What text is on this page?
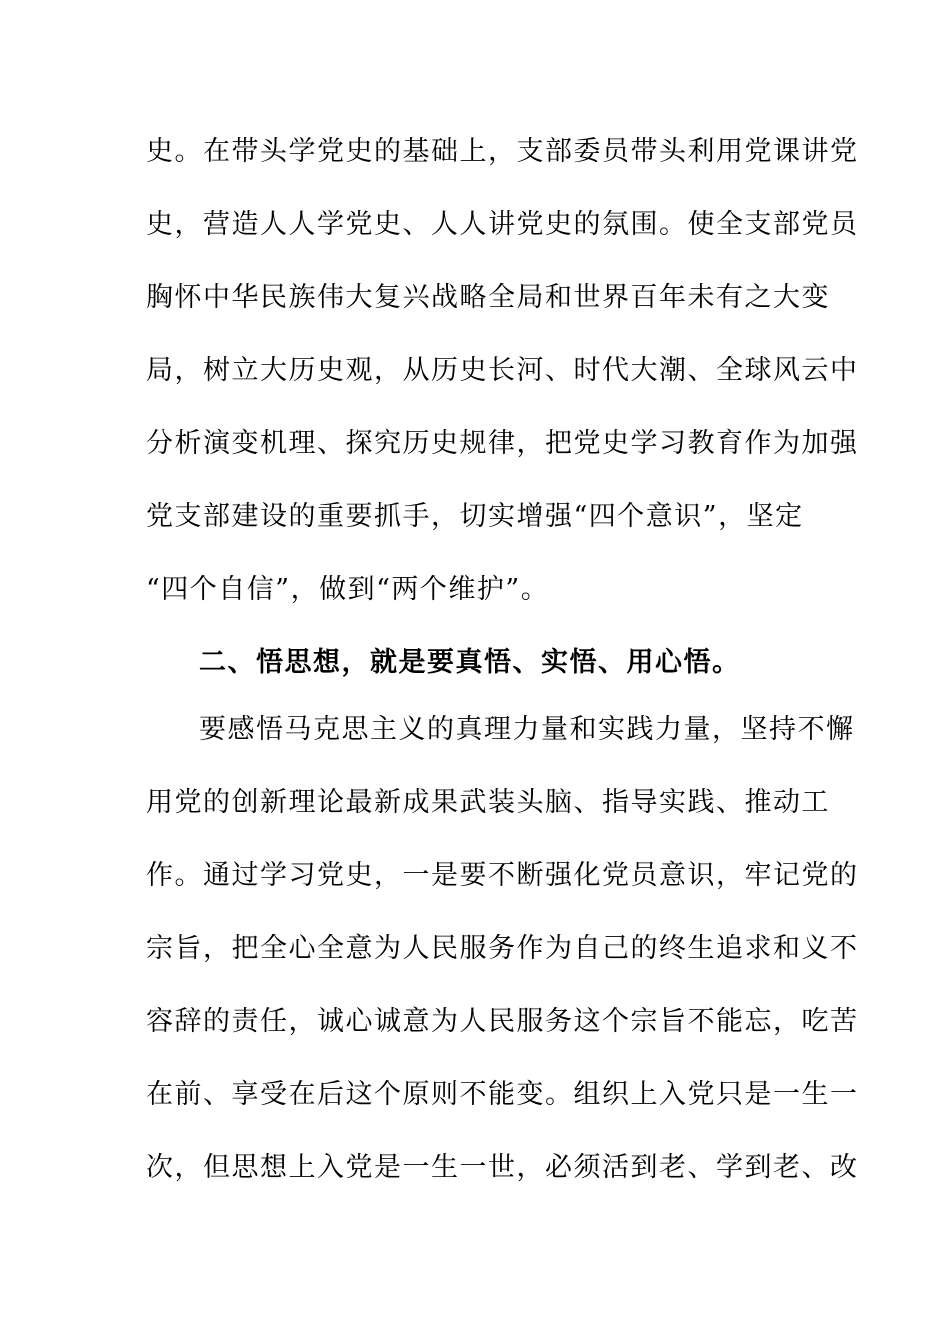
史。在带头学党史的基础上，支部委员带头利用党课讲党
史，营造人人学党史、人人讲党史的氛围。使全支部党员
胸怀中华民族伟大复兴战略全局和世界百年未有之大变
局，树立大历史观，从历史长河、时代大潮、全球风云中
分析演变机理、探究历史规律，把党史学习教育作为加强
党支部建设的重要抓手，切实增强“四个意识”，坚定
“四个自信”，做到“两个维护”。
二、悟思想，就是要真悟、实悟、用心悟。
要感悟马克思主义的真理力量和实践力量，坚持不懈
用党的创新理论最新成果武装头脑、指导实践、推动工
作。通过学习党史，一是要不断强化党员意识，牢记党的
宗旨，把全心全意为人民服务作为自己的终生追求和义不
容辞的责任，诚心诚意为人民服务这个宗旨不能忘，吃苦
在前、享受在后这个原则不能变。组织上入党只是一生一
次，但思想上入党是一生一世，必须活到老、学到老、改
